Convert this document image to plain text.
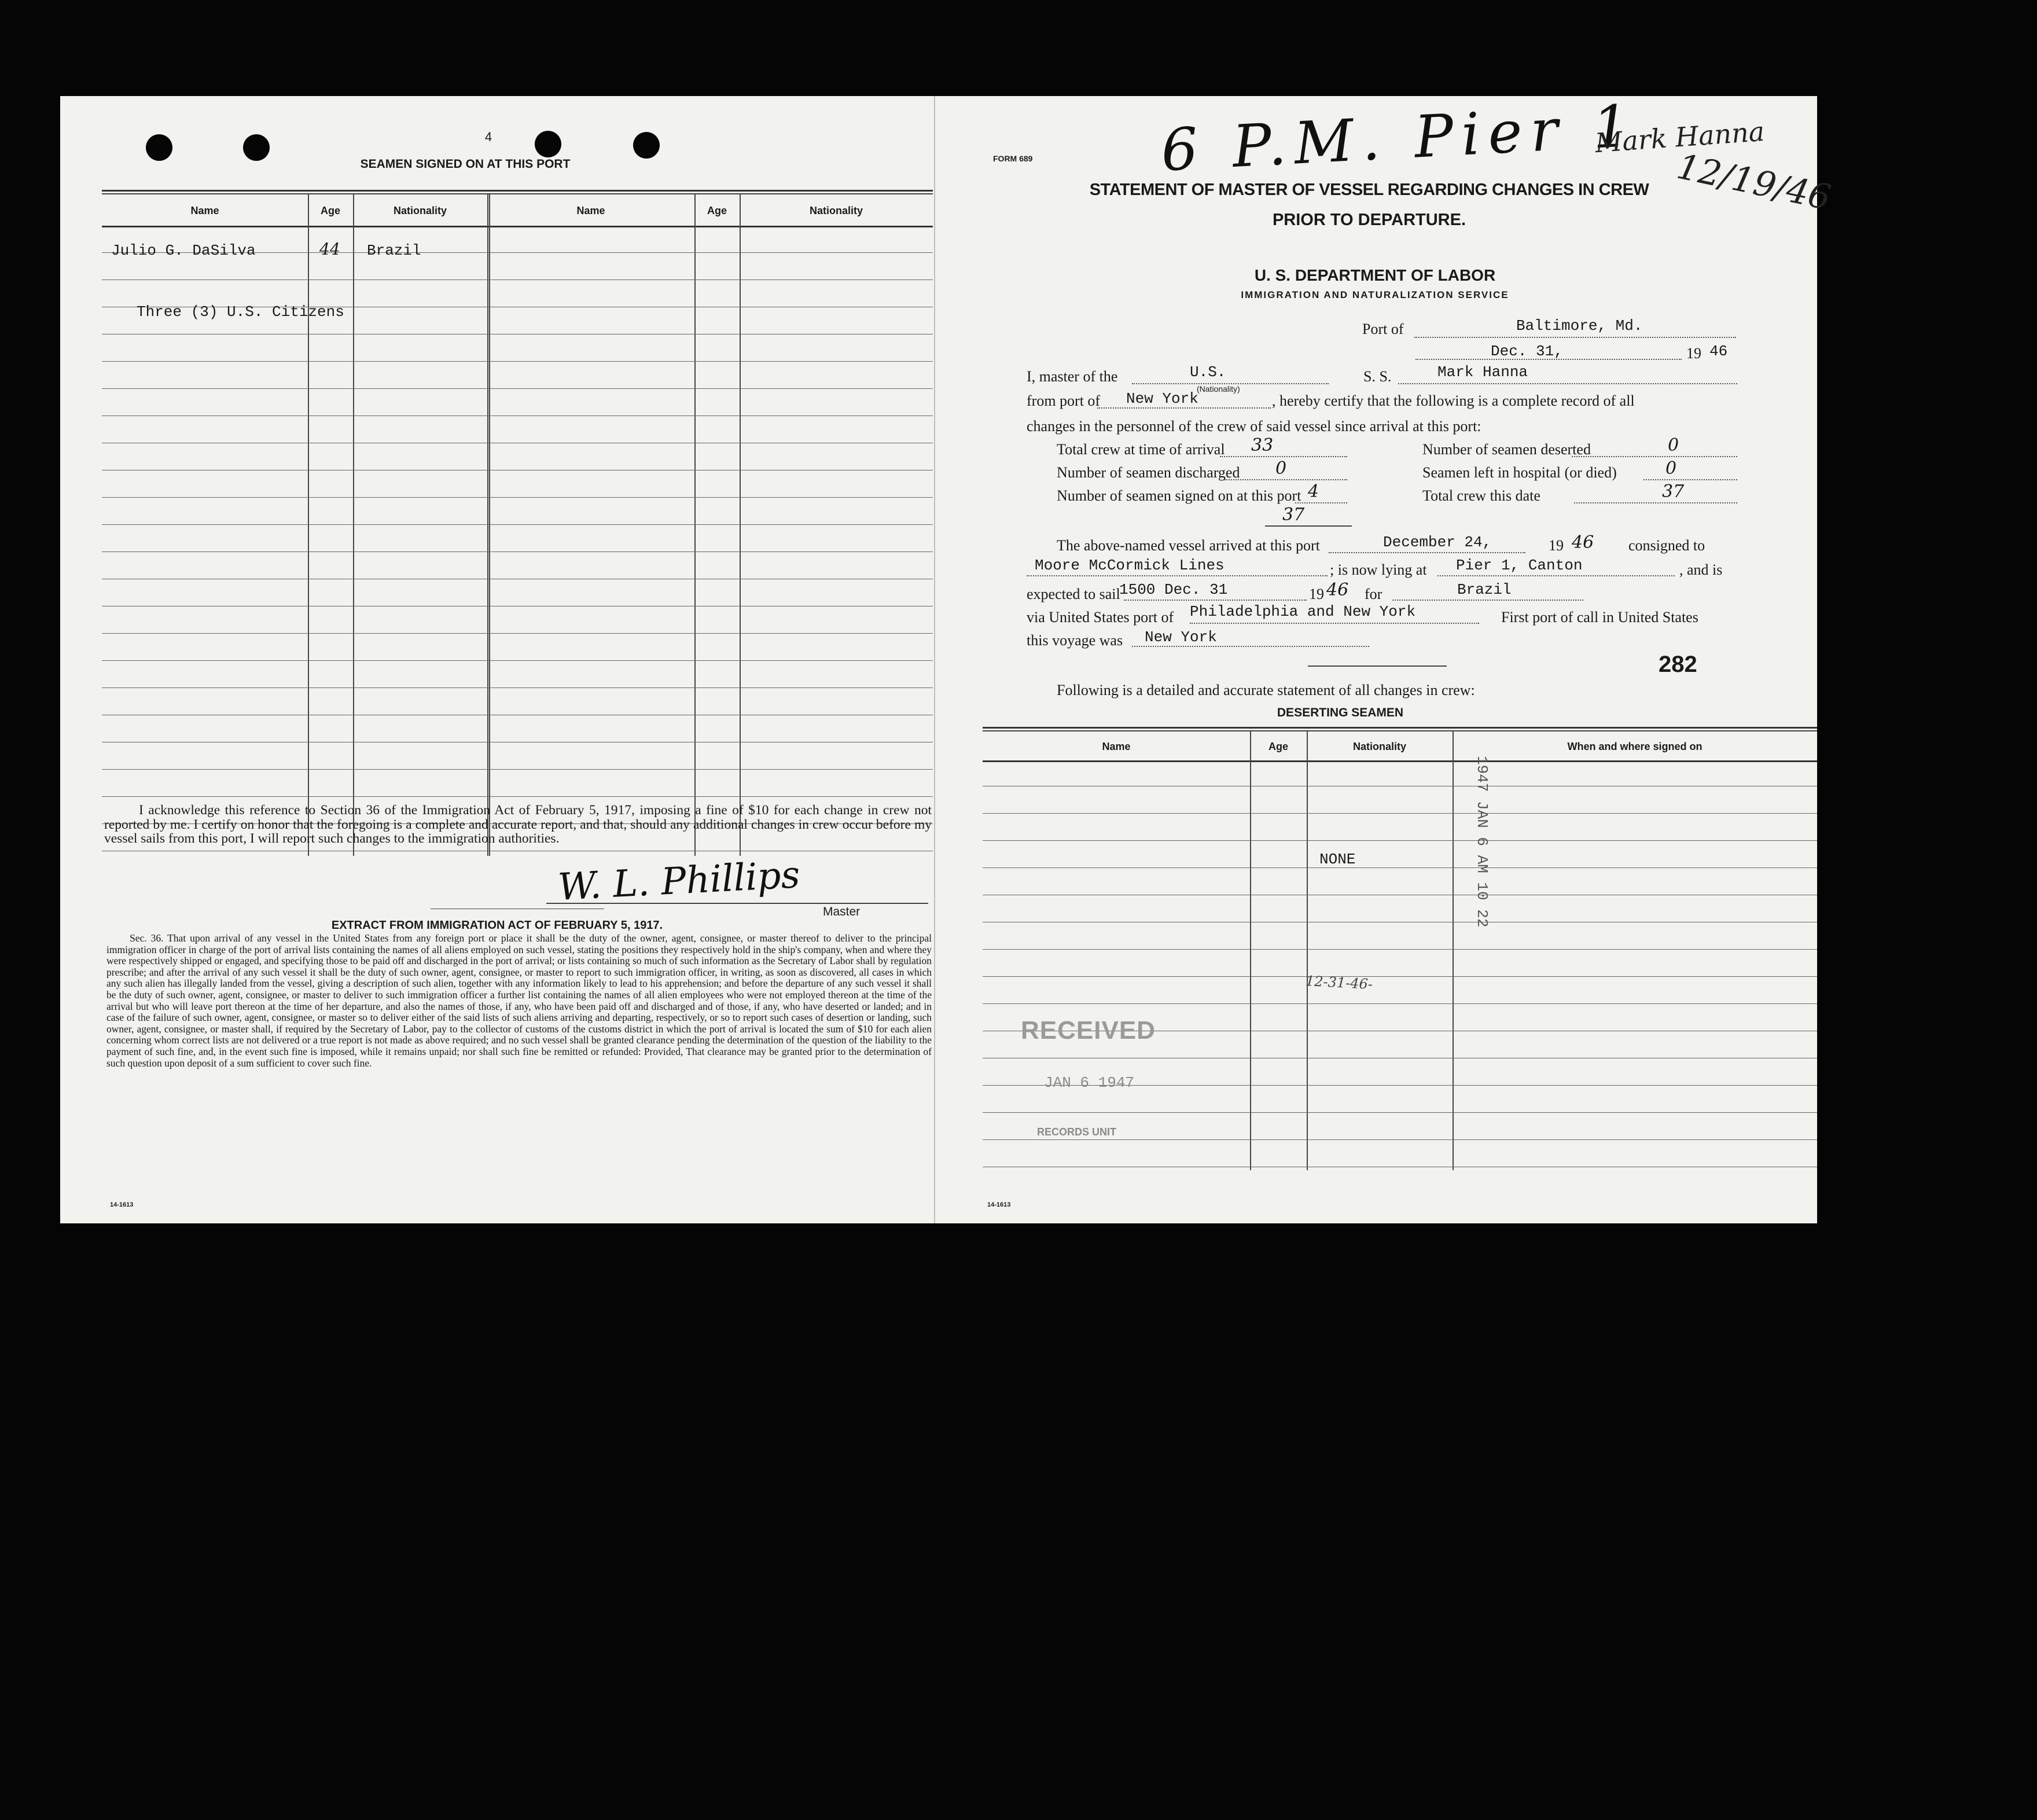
4
SEAMEN SIGNED ON AT THIS PORT
Name	Age	Nationality	Name	Age	Nationality
Julio G. DaSilva	44 Brazil
Three (3) U.S. Citizens
I acknowledge this reference to Section 36 of the Immigration Act of February 5, 1917, imposing a fine of $10 for each change in crew not reported by me. I certify on honor that the foregoing is a complete and accurate report, and that, should any additional changes in crew occur before my vessel sails from this port, I will report such changes to the immigration authorities.
W. L. Phillips
Master
EXTRACT FROM IMMIGRATION ACT OF FEBRUARY 5, 1917.
Sec. 36. That upon arrival of any vessel in the United States from any foreign port or place it shall be the duty of the owner, agent, consignee, or master thereof to deliver to the principal immigration officer in charge of the port of arrival lists containing the names of all aliens employed on such vessel, stating the positions they respectively hold in the ship's company, when and where they were respectively shipped or engaged, and specifying those to be paid off and discharged in the port of arrival; or lists containing so much of such information as the Secretary of Labor shall by regulation prescribe; and after the arrival of any such vessel it shall be the duty of such owner, agent, consignee, or master to report to such immigration officer, in writing, as soon as discovered, all cases in which any such alien has illegally landed from the vessel, giving a description of such alien, together with any information likely to lead to his apprehension; and before the departure of any such vessel it shall be the duty of such owner, agent, consignee, or master to deliver to such immigration officer a further list containing the names of all alien employees who were not employed thereon at the time of the arrival but who will leave port thereon at the time of her departure, and also the names of those, if any, who have been paid off and discharged and of those, if any, who have deserted or landed; and in case of the failure of such owner, agent, consignee, or master so to deliver either of the said lists of such aliens arriving and departing, respectively, or so to report such cases of desertion or landing, such owner, agent, consignee, or master shall, if required by the Secretary of Labor, pay to the collector of customs of the customs district in which the port of arrival is located the sum of $10 for each alien concerning whom correct lists are not delivered or a true report is not made as above required; and no such vessel shall be granted clearance pending the determination of the question of the liability to the payment of such fine, and, in the event such fine is imposed, while it remains unpaid; nor shall such fine be remitted or refunded: Provided, That clearance may be granted prior to the determination of such question upon deposit of a sum sufficient to cover such fine.
14-1613
FORM 689 6 P.M. Pier 1
Mark Hanna
12/19/46
STATEMENT OF MASTER OF VESSEL REGARDING CHANGES IN CREW
PRIOR TO DEPARTURE.
U. S. DEPARTMENT OF LABOR
IMMIGRATION AND NATURALIZATION SERVICE
Port of	Baltimore, Md.
Dec. 31,	19 46
I, master of the	U.S.	S. S.	Mark Hanna
from port of New York
(Nationality)
, hereby certify that the following is a complete record of all
changes in the personnel of the crew of said vessel since arrival at this port:
Total crew at time of arrival 33	Number of seamen deserted	0
Number of seamen discharged 0	Seamen left in hospital (or died)	0
Number of seamen signed on at this port 4	Total crew this date	37
37
The above-named vessel arrived at this port	December 24,	19 46 consigned to
Moore McCormick Lines	; is now lying at Pier 1, Canton	, and is
expected to sail
1500 Dec. 31	19 46 for	Brazil
via United States port of Philadelphia and New York	First port of call in United States
this voyage was New York
Following is a detailed and accurate statement of all changes in crew:
DESERTING SEAMEN
Name	Age	Nationality	When and where signed on
NONE
12-31-46-
RECEIVED
JAN 6 1947
RECORDS UNIT
282
1947 JAN 6 AM 10 22
14-1613
